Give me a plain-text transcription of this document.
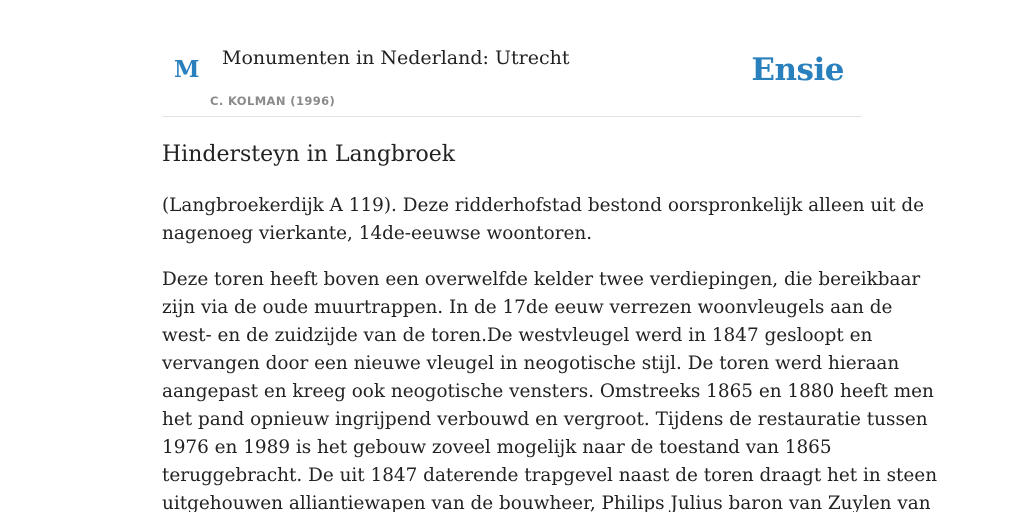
M Monumenten in Nederland: Utrecht
C. KOLMAN (1996)
Ensie
Hindersteyn in Langbroek

(Langbroekerdijk A 119). Deze ridderhofstad bestond oorspronkelijk alleen uit de
nagenoeg vierkante, 14de-eeuwse woontoren.

Deze toren heeft boven een overwelfde kelder twee verdiepingen, die bereikbaar
zijn via de oude muurtrappen. In de 17de eeuw verrezen woonvleugels aan de
west- en de zuidzijde van de toren.De westvleugel werd in 1847 gesloopt en
vervangen door een nieuwe vleugel in neogotische stijl. De toren werd hieraan
aangepast en kreeg ook neogotische vensters. Omstreeks 1865 en 1880 heeft men
het pand opnieuw ingrijpend verbouwd en vergroot. Tijdens de restauratie tussen
1976 en 1989 is het gebouw zoveel mogelijk naar de toestand van 1865
teruggebracht. De uit 1847 daterende trapgevel naast de toren draagt het in steen
uitgehouwen alliantiewapen van de bouwheer, Philips Julius baron van Zuylen van
